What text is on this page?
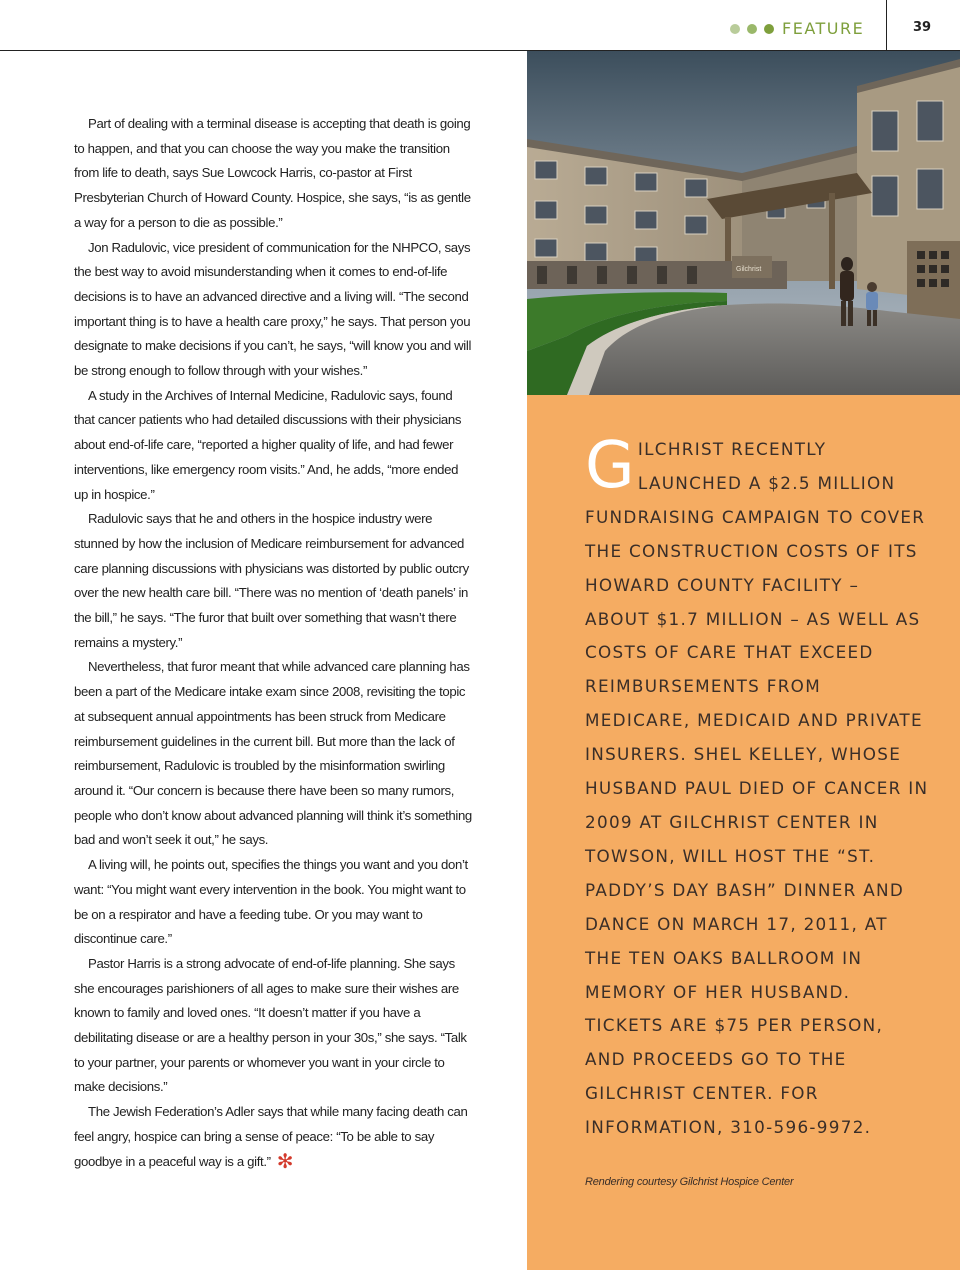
FEATURE	39

Part of dealing with a terminal disease is accepting that death is going to happen, and that you can choose the way you make the transition from life to death, says Sue Lowcock Harris, co-pastor at First Presbyterian Church of Howard County. Hospice, she says, “is as gentle a way for a person to die as possible.”

Jon Radulovic, vice president of communication for the NHPCO, says the best way to avoid misunderstanding when it comes to end-of-life decisions is to have an advanced directive and a living will. “The second important thing is to have a health care proxy,” he says. That person you designate to make decisions if you can’t, he says, “will know you and will be strong enough to follow through with your wishes.”

A study in the Archives of Internal Medicine, Radulovic says, found that cancer patients who had detailed discussions with their physicians about end-of-life care, “reported a higher quality of life, and had fewer interventions, like emergency room visits.” And, he adds, “more ended up in hospice.”

Radulovic says that he and others in the hospice industry were stunned by how the inclusion of Medicare reimbursement for advanced care planning discussions with physicians was distorted by public outcry over the new health care bill. “There was no mention of ‘death panels’ in the bill,” he says. “The furor that built over something that wasn’t there remains a mystery.”

Nevertheless, that furor meant that while advanced care planning has been a part of the Medicare intake exam since 2008, revisiting the topic at subsequent annual appointments has been struck from Medicare reimbursement guidelines in the current bill. But more than the lack of reimbursement, Radulovic is troubled by the misinformation swirling around it. “Our concern is because there have been so many rumors, people who don’t know about advanced planning will think it’s something bad and won’t seek it out,” he says.

A living will, he points out, specifies the things you want and you don’t want: “You might want every intervention in the book. You might want to be on a respirator and have a feeding tube. Or you may want to discontinue care.”

Pastor Harris is a strong advocate of end-of-life planning. She says she encourages parishioners of all ages to make sure their wishes are known to family and loved ones. “It doesn’t matter if you have a debilitating disease or are a healthy person in your 30s,” she says. “Talk to your partner, your parents or whomever you want in your circle to make decisions.”

The Jewish Federation’s Adler says that while many facing death can feel angry, hospice can bring a sense of peace: “To be able to say goodbye in a peaceful way is a gift.” ✻

Gilchrist
GILCHRIST RECENTLY LAUNCHED A $2.5 MILLION FUNDRAISING CAMPAIGN TO COVER THE CONSTRUCTION COSTS OF ITS HOWARD COUNTY FACILITY – ABOUT $1.7 MILLION – AS WELL AS COSTS OF CARE THAT EXCEED REIMBURSEMENTS FROM MEDICARE, MEDICAID AND PRIVATE INSURERS. SHEL KELLEY, WHOSE HUSBAND PAUL DIED OF CANCER IN 2009 AT GILCHRIST CENTER IN TOWSON, WILL HOST THE “ST. PADDY’S DAY BASH” DINNER AND DANCE ON MARCH 17, 2011, AT THE TEN OAKS BALLROOM IN MEMORY OF HER HUSBAND. TICKETS ARE $75 PER PERSON, AND PROCEEDS GO TO THE GILCHRIST CENTER. FOR INFORMATION, 310-596-9972.
Rendering courtesy Gilchrist Hospice Center
